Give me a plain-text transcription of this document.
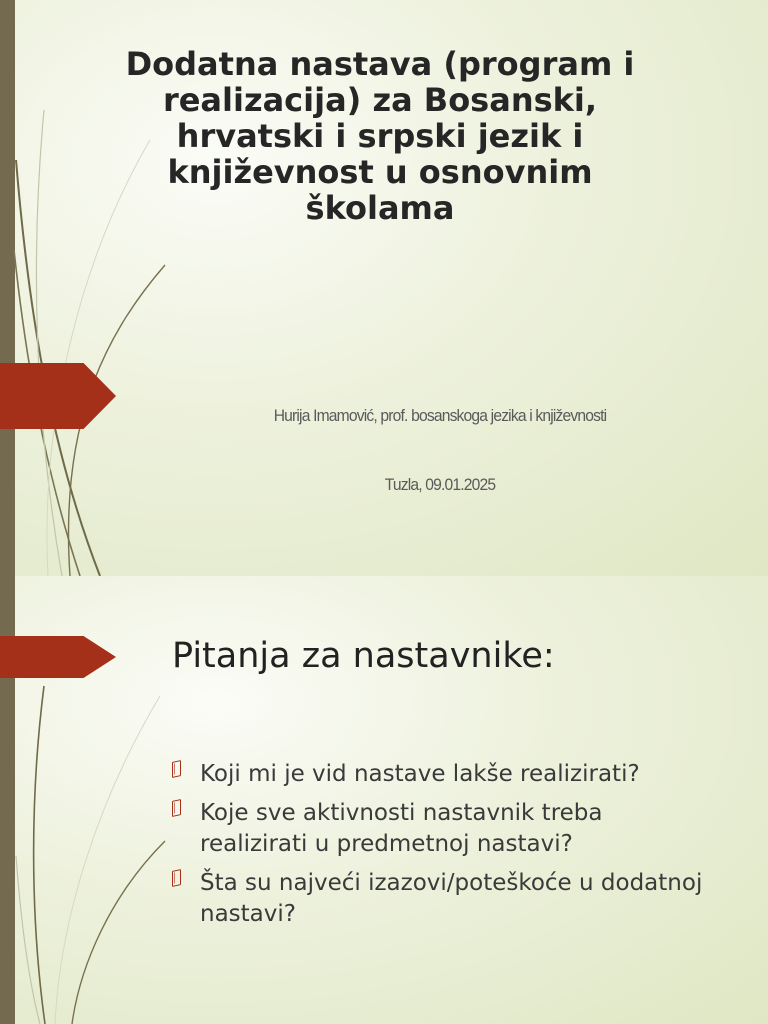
Dodatna nastava (program i realizacija) za Bosanski, hrvatski i srpski jezik i književnost u osnovnim školama

Hurija Imamović, prof. bosanskoga jezika i književnosti

Tuzla, 09.01.2025

Pitanja za nastavnike:
Koji mi je vid nastave lakše realizirati?
Koje sve aktivnosti nastavnik treba realizirati u predmetnoj nastavi?
Šta su najveći izazovi/poteškoće u dodatnoj nastavi?
